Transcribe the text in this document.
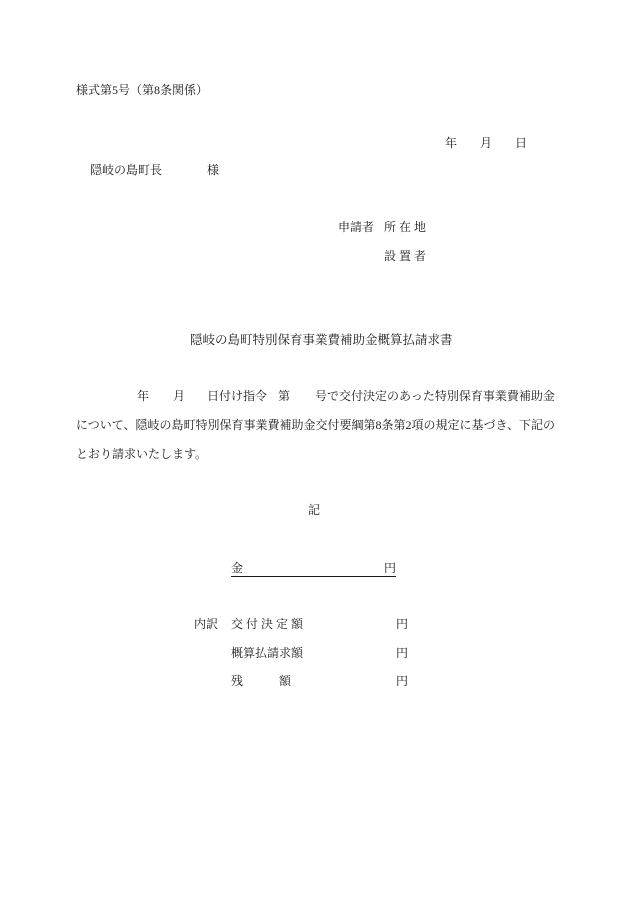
様式第5号（第8条関係）
年 月 日
隠岐の島町長	様
申請者 所 在 地
設 置 者
隠岐の島町特別保育事業費補助金概算払請求書
年 月 日付け指令 第 号で交付決定のあった特別保育事業費補助金
について、隠岐の島町特別保育事業費補助金交付要綱第8条第2項の規定に基づき、下記の
とおり請求いたします。
記
金	円
内訳 交 付 決 定 額	円
概算払請求額	円
残　　　額	円
